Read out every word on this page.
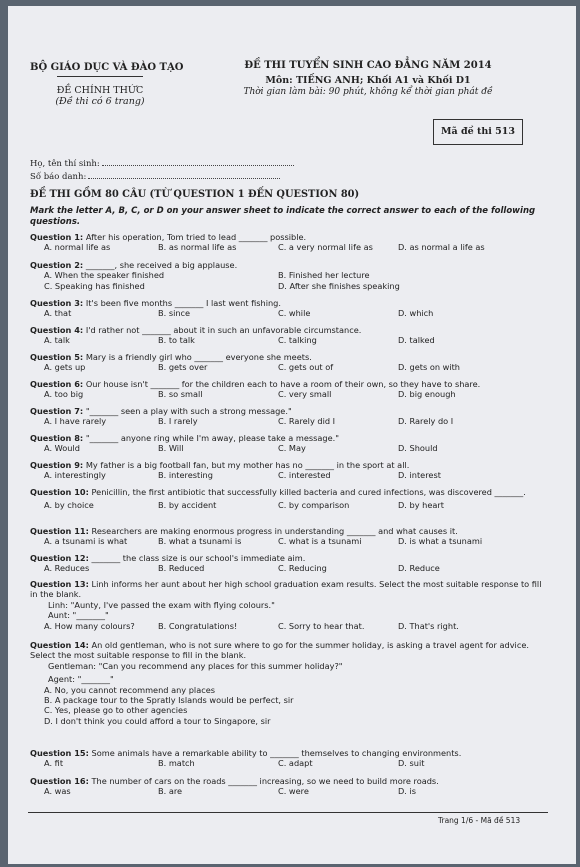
BỘ GIÁO DỤC VÀ ĐÀO TẠO
ĐỀ CHÍNH THỨC
(Đề thi có 6 trang)
ĐỀ THI TUYỂN SINH CAO ĐẲNG NĂM 2014
Môn: TIẾNG ANH; Khối A1 và Khối D1
Thời gian làm bài: 90 phút, không kể thời gian phát đề
Mã đề thi 513
Họ, tên thí sinh:
Số báo danh:
ĐỀ THI GỒM 80 CÂU (TỪ QUESTION 1 ĐẾN QUESTION 80)
Mark the letter A, B, C, or D on your answer sheet to indicate the correct answer to each of the following questions.
Question 1: After his operation, Tom tried to lead _______ possible.
A. normal life as	B. as normal life as	C. a very normal life as	D. as normal a life as
Question 2: _______, she received a big applause.
A. When the speaker finished	B. Finished her lecture
C. Speaking has finished	D. After she finishes speaking
Question 3: It's been five months _______ I last went fishing.
A. that	B. since	C. while	D. which
Question 4: I'd rather not _______ about it in such an unfavorable circumstance.
A. talk	B. to talk	C. talking	D. talked
Question 5: Mary is a friendly girl who _______ everyone she meets.
A. gets up	B. gets over	C. gets out of	D. gets on with
Question 6: Our house isn't _______ for the children each to have a room of their own, so they have to share.
A. too big	B. so small	C. very small	D. big enough
Question 7: "_______ seen a play with such a strong message."
A. I have rarely	B. I rarely	C. Rarely did I	D. Rarely do I
Question 8: "_______ anyone ring while I'm away, please take a message."
A. Would	B. Will	C. May	D. Should
Question 9: My father is a big football fan, but my mother has no _______ in the sport at all.
A. interestingly	B. interesting	C. interested	D. interest
Question 10: Penicillin, the first antibiotic that successfully killed bacteria and cured infections, was discovered _______.
A. by choice	B. by accident	C. by comparison	D. by heart
Question 11: Researchers are making enormous progress in understanding _______ and what causes it.
A. a tsunami is what	B. what a tsunami is	C. what is a tsunami	D. is what a tsunami
Question 12: _______ the class size is our school's immediate aim.
A. Reduces	B. Reduced	C. Reducing	D. Reduce
Question 13: Linh informs her aunt about her high school graduation exam results. Select the most suitable response to fill in the blank.
Linh: "Aunty, I've passed the exam with flying colours."
Aunt: "_______"
A. How many colours?	B. Congratulations!	C. Sorry to hear that.	D. That's right.
Question 14: An old gentleman, who is not sure where to go for the summer holiday, is asking a travel agent for advice. Select the most suitable response to fill in the blank.
Gentleman: "Can you recommend any places for this summer holiday?"
Agent: "_______"
A. No, you cannot recommend any places
B. A package tour to the Spratly Islands would be perfect, sir
C. Yes, please go to other agencies
D. I don't think you could afford a tour to Singapore, sir
Question 15: Some animals have a remarkable ability to _______ themselves to changing environments.
A. fit	B. match	C. adapt	D. suit
Question 16: The number of cars on the roads _______ increasing, so we need to build more roads.
A. was	B. are	C. were	D. is
Trang 1/6 - Mã đề 513
